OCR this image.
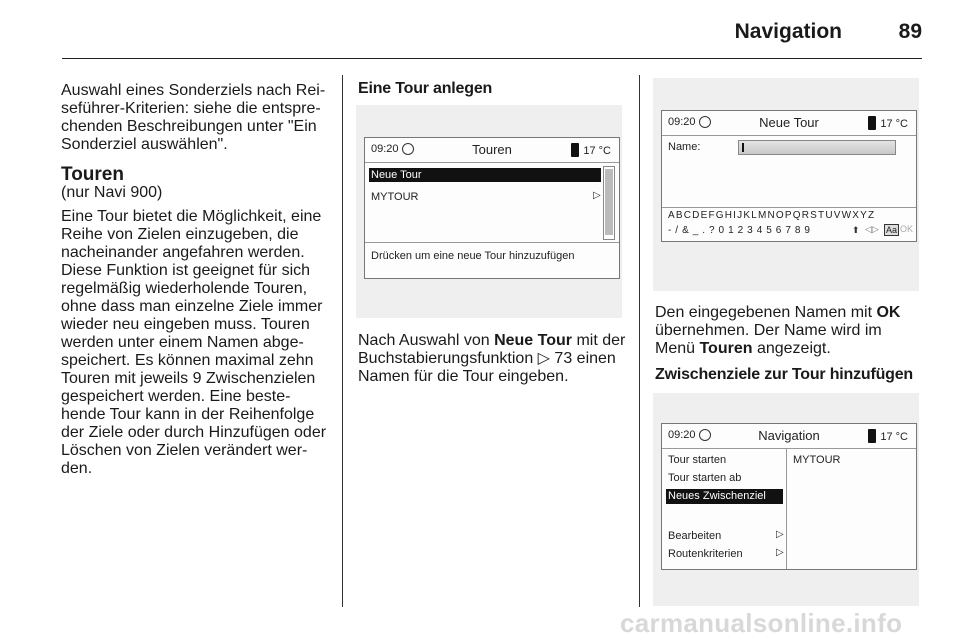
Navigation	89

Auswahl eines Sonderziels nach Reiseführer-Kriterien: siehe die entsprechenden Beschreibungen unter "Ein Sonderziel auswählen".

Touren

(nur Navi 900)

Eine Tour bietet die Möglichkeit, eine Reihe von Zielen einzugeben, die nacheinander angefahren werden. Diese Funktion ist geeignet für sich regelmäßig wiederholende Touren, ohne dass man einzelne Ziele immer wieder neu eingeben muss. Touren werden unter einem Namen abgespeichert. Es können maximal zehn Touren mit jeweils 9 Zwischenzielen gespeichert werden. Eine bestehende Tour kann in der Reihenfolge der Ziele oder durch Hinzufügen oder Löschen von Zielen verändert werden.

Eine Tour anlegen

09:20	Touren	17 °C
Neue Tour
MYTOUR	▷
Drücken um eine neue Tour hinzuzufügen

Nach Auswahl von Neue Tour mit der Buchstabierungsfunktion ▷ 73 einen Namen für die Tour eingeben.

09:20	Neue Tour	17 °C
Name:
ABCDEFGHIJKLMNOPQRSTUVWXYZ
- / & _ . ? 0 1 2 3 4 5 6 7 8 9	⬆ ◁▷ Aa OK

Den eingegebenen Namen mit OK übernehmen. Der Name wird im Menü Touren angezeigt.

Zwischenziele zur Tour hinzufügen

09:20	Navigation	17 °C
Tour starten
Tour starten ab
Neues Zwischenziel
Bearbeiten	▷
Routenkriterien	▷
MYTOUR
carmanualsonline.info
